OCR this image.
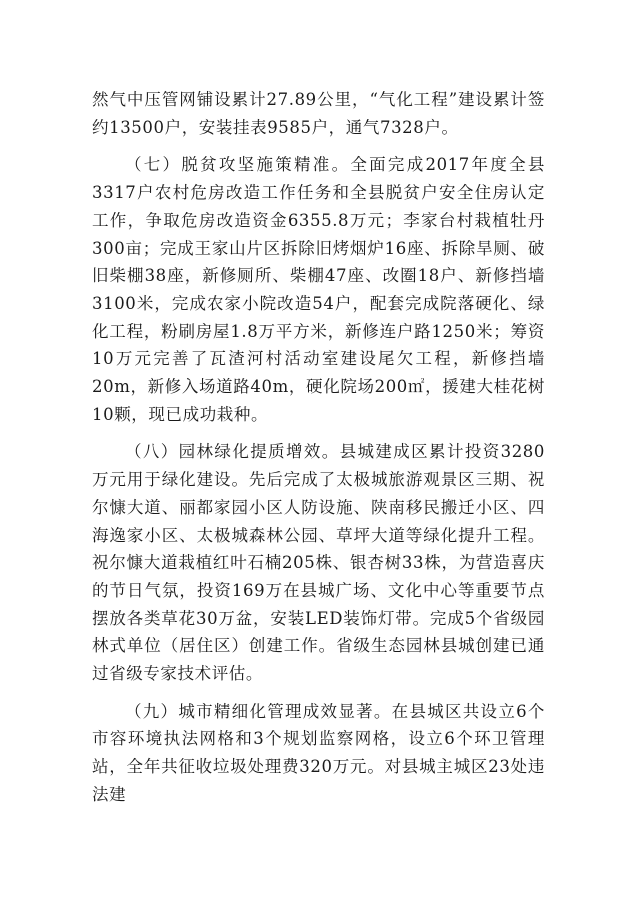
然气中压管网铺设累计27.89公里，“气化工程”建设累计签约13500户，安装挂表9585户，通气7328户。

（七）脱贫攻坚施策精准。全面完成2017年度全县3317户农村危房改造工作任务和全县脱贫户安全住房认定工作，争取危房改造资金6355.8万元；李家台村栽植牡丹300亩；完成王家山片区拆除旧烤烟炉16座、拆除旱厕、破旧柴棚38座，新修厕所、柴棚47座、改圈18户、新修挡墙3100米，完成农家小院改造54户，配套完成院落硬化、绿化工程，粉刷房屋1.8万平方米，新修连户路1250米；筹资10万元完善了瓦渣河村活动室建设尾欠工程，新修挡墙20m，新修入场道路40m，硬化院场200㎡，援建大桂花树10颗，现已成功栽种。

（八）园林绿化提质增效。县城建成区累计投资3280万元用于绿化建设。先后完成了太极城旅游观景区三期、祝尔慷大道、丽都家园小区人防设施、陕南移民搬迁小区、四海逸家小区、太极城森林公园、草坪大道等绿化提升工程。祝尔慷大道栽植红叶石楠205株、银杏树33株，为营造喜庆的节日气氛，投资169万在县城广场、文化中心等重要节点摆放各类草花30万盆，安装LED装饰灯带。完成5个省级园林式单位（居住区）创建工作。省级生态园林县城创建已通过省级专家技术评估。

（九）城市精细化管理成效显著。在县城区共设立6个市容环境执法网格和3个规划监察网格，设立6个环卫管理站，全年共征收垃圾处理费320万元。对县城主城区23处违法建
